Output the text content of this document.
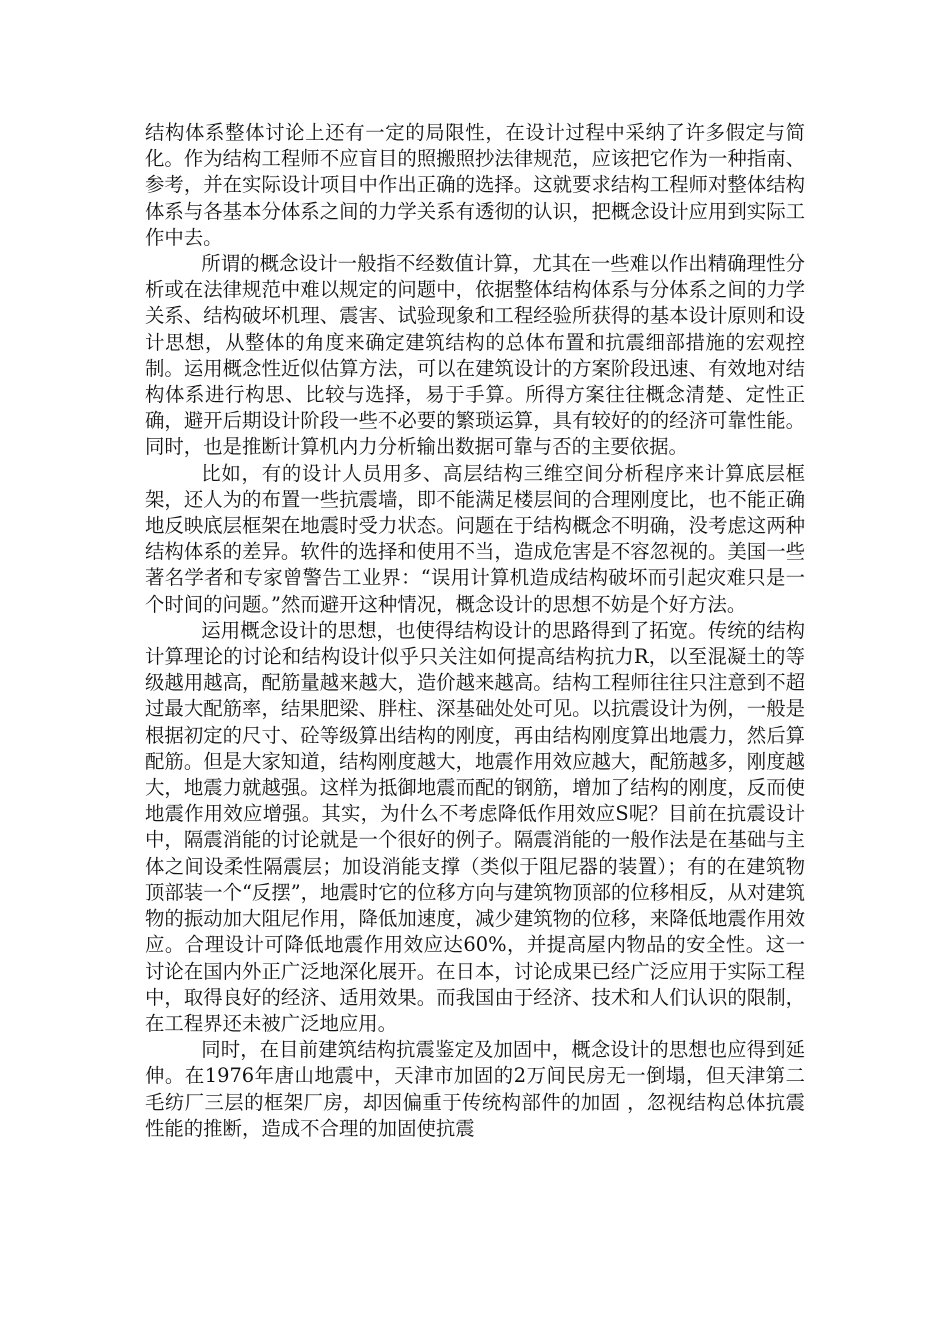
结构体系整体讨论上还有一定的局限性，在设计过程中采纳了许多假定与简化。作为结构工程师不应盲目的照搬照抄法律规范，应该把它作为一种指南、参考，并在实际设计项目中作出正确的选择。这就要求结构工程师对整体结构体系与各基本分体系之间的力学关系有透彻的认识，把概念设计应用到实际工作中去。

所谓的概念设计一般指不经数值计算，尤其在一些难以作出精确理性分析或在法律规范中难以规定的问题中，依据整体结构体系与分体系之间的力学关系、结构破坏机理、震害、试验现象和工程经验所获得的基本设计原则和设计思想，从整体的角度来确定建筑结构的总体布置和抗震细部措施的宏观控制。运用概念性近似估算方法，可以在建筑设计的方案阶段迅速、有效地对结构体系进行构思、比较与选择，易于手算。所得方案往往概念清楚、定性正确，避开后期设计阶段一些不必要的繁琐运算，具有较好的的经济可靠性能。同时，也是推断计算机内力分析输出数据可靠与否的主要依据。

比如，有的设计人员用多、高层结构三维空间分析程序来计算底层框架，还人为的布置一些抗震墙，即不能满足楼层间的合理刚度比，也不能正确地反映底层框架在地震时受力状态。问题在于结构概念不明确，没考虑这两种结构体系的差异。软件的选择和使用不当，造成危害是不容忽视的。美国一些著名学者和专家曾警告工业界：“误用计算机造成结构破坏而引起灾难只是一个时间的问题。”然而避开这种情况，概念设计的思想不妨是个好方法。

运用概念设计的思想，也使得结构设计的思路得到了拓宽。传统的结构计算理论的讨论和结构设计似乎只关注如何提高结构抗力R，以至混凝土的等级越用越高，配筋量越来越大，造价越来越高。结构工程师往往只注意到不超过最大配筋率，结果肥梁、胖柱、深基础处处可见。以抗震设计为例，一般是根据初定的尺寸、砼等级算出结构的刚度，再由结构刚度算出地震力，然后算配筋。但是大家知道，结构刚度越大，地震作用效应越大，配筋越多，刚度越大，地震力就越强。这样为抵御地震而配的钢筋，增加了结构的刚度，反而使地震作用效应增强。其实，为什么不考虑降低作用效应S呢？目前在抗震设计中，隔震消能的讨论就是一个很好的例子。隔震消能的一般作法是在基础与主体之间设柔性隔震层；加设消能支撑（类似于阻尼器的装置）；有的在建筑物顶部装一个“反摆”，地震时它的位移方向与建筑物顶部的位移相反，从对建筑物的振动加大阻尼作用，降低加速度，减少建筑物的位移，来降低地震作用效应。合理设计可降低地震作用效应达60%，并提高屋内物品的安全性。这一讨论在国内外正广泛地深化展开。在日本，讨论成果已经广泛应用于实际工程中，取得良好的经济、适用效果。而我国由于经济、技术和人们认识的限制，在工程界还未被广泛地应用。

同时，在目前建筑结构抗震鉴定及加固中，概念设计的思想也应得到延伸。在1976年唐山地震中，天津市加固的2万间民房无一倒塌，但天津第二毛纺厂三层的框架厂房，却因偏重于传统构部件的加固 ，忽视结构总体抗震性能的推断，造成不合理的加固使抗震
